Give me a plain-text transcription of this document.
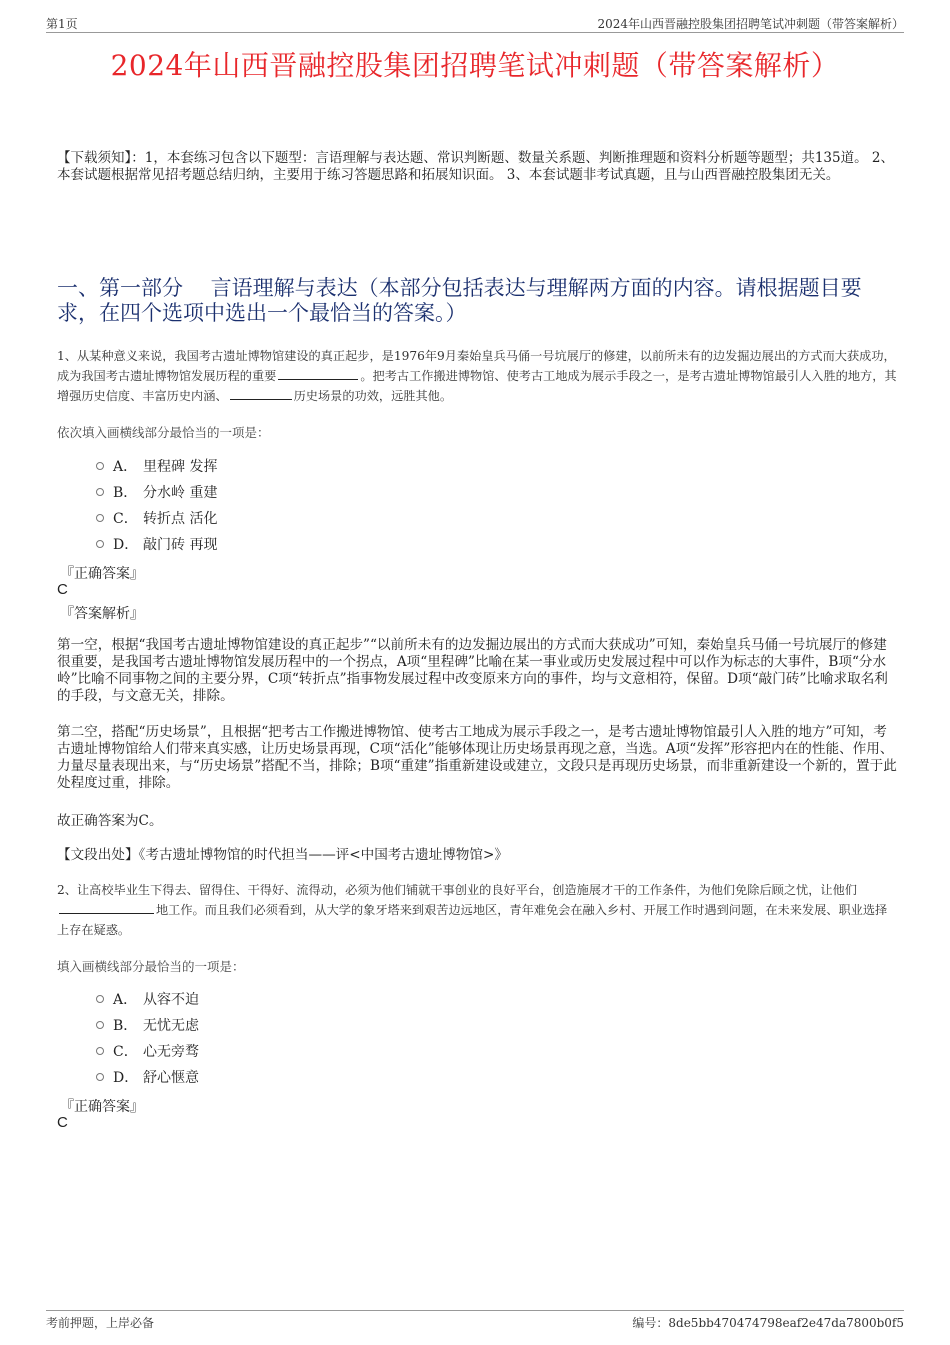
第1页	2024年山西晋融控股集团招聘笔试冲刺题（带答案解析）
2024年山西晋融控股集团招聘笔试冲刺题（带答案解析）
【下载须知】：1，本套练习包含以下题型：言语理解与表达题、常识判断题、数量关系题、判断推理题和资料分析题等题型；共135道。 2、本套试题根据常见招考题总结归纳，主要用于练习答题思路和拓展知识面。 3、本套试题非考试真题，且与山西晋融控股集团无关。
一、第一部分　 言语理解与表达（本部分包括表达与理解两方面的内容。请根据题目要求，在四个选项中选出一个最恰当的答案。）
1、从某种意义来说，我国考古遗址博物馆建设的真正起步，是1976年9月秦始皇兵马俑一号坑展厅的修建，以前所未有的边发掘边展出的方式而大获成功，成为我国考古遗址博物馆发展历程的重要	。把考古工作搬进博物馆、使考古工地成为展示手段之一，是考古遗址博物馆最引人入胜的地方，其增强历史信度、丰富历史内涵、	历史场景的功效，远胜其他。
依次填入画横线部分最恰当的一项是：
A． 里程碑 发挥
B． 分水岭 重建
C． 转折点 活化
D． 敲门砖 再现
『正确答案』
C
『答案解析』
第一空，根据“我国考古遗址博物馆建设的真正起步”“以前所未有的边发掘边展出的方式而大获成功”可知，秦始皇兵马俑一号坑展厅的修建很重要，是我国考古遗址博物馆发展历程中的一个拐点，A项“里程碑”比喻在某一事业或历史发展过程中可以作为标志的大事件，B项“分水岭”比喻不同事物之间的主要分界，C项“转折点”指事物发展过程中改变原来方向的事件，均与文意相符，保留。D项“敲门砖”比喻求取名利的手段，与文意无关，排除。
第二空，搭配“历史场景”，且根据“把考古工作搬进博物馆、使考古工地成为展示手段之一，是考古遗址博物馆最引人入胜的地方”可知，考古遗址博物馆给人们带来真实感，让历史场景再现，C项“活化”能够体现让历史场景再现之意，当选。A项“发挥”形容把内在的性能、作用、力量尽量表现出来，与“历史场景”搭配不当，排除；B项“重建”指重新建设或建立，文段只是再现历史场景，而非重新建设一个新的，置于此处程度过重，排除。
故正确答案为C。
【文段出处】《考古遗址博物馆的时代担当——评<中国考古遗址博物馆>》
2、让高校毕业生下得去、留得住、干得好、流得动，必须为他们铺就干事创业的良好平台，创造施展才干的工作条件，为他们免除后顾之忧，让他们地工作。而且我们必须看到，从大学的象牙塔来到艰苦边远地区，青年难免会在融入乡村、开展工作时遇到问题，在未来发展、职业选择上存在疑惑。
填入画横线部分最恰当的一项是：
A． 从容不迫
B． 无忧无虑
C． 心无旁骛
D． 舒心惬意
『正确答案』
C
考前押题，上岸必备	编号：8de5bb470474798eaf2e47da7800b0f5
